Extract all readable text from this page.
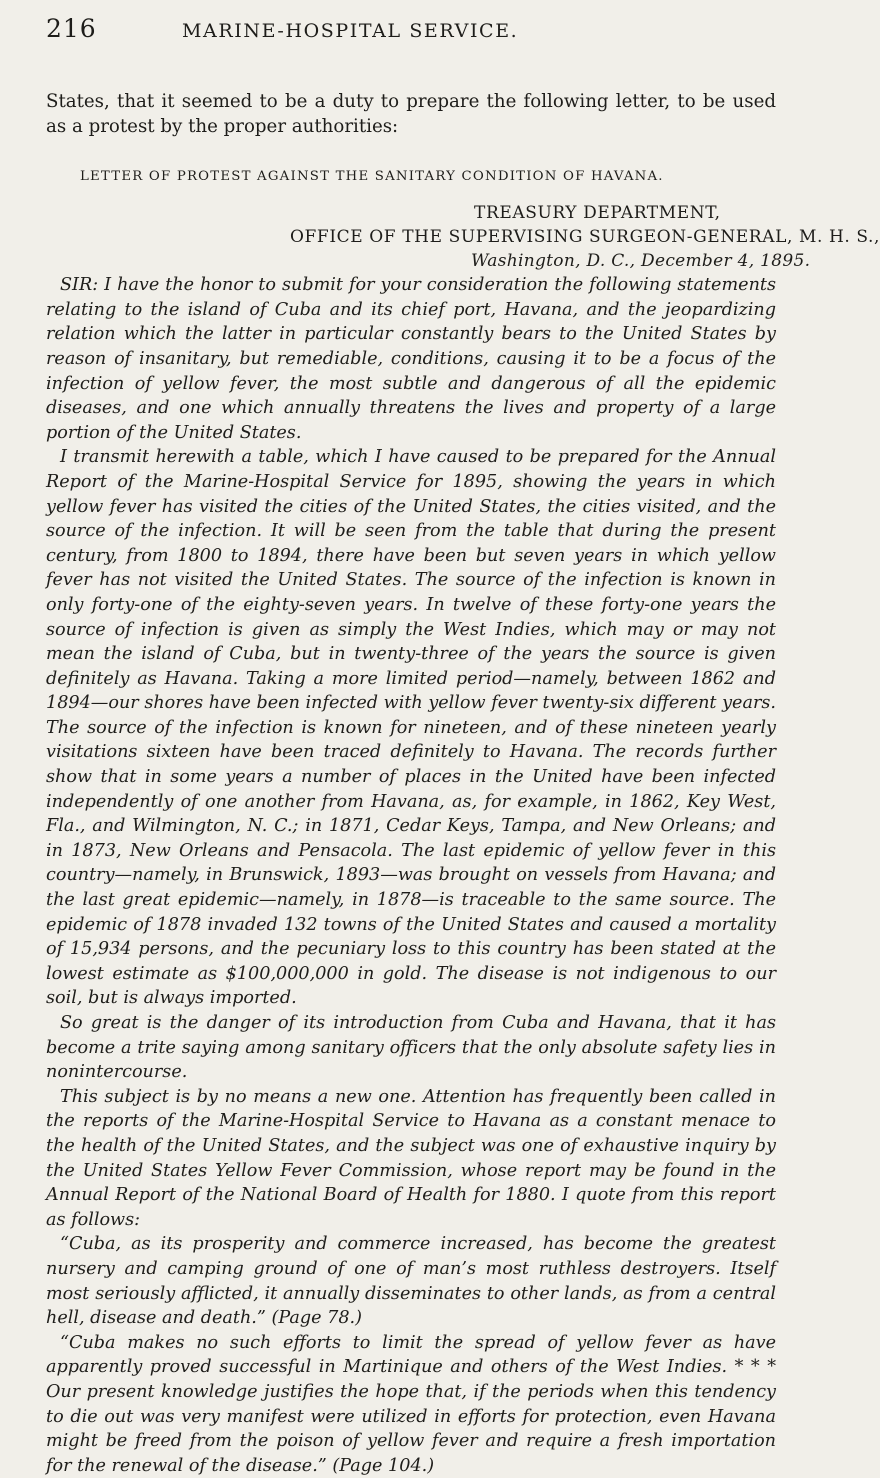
216	MARINE-HOSPITAL SERVICE.

States, that it seemed to be a duty to prepare the following letter, to be used as a protest by the proper authorities:

LETTER OF PROTEST AGAINST THE SANITARY CONDITION OF HAVANA.
TREASURY DEPARTMENT,
OFFICE OF THE SUPERVISING SURGEON-GENERAL, M. H. S.,
Washington, D. C., December 4, 1895.

SIR: I have the honor to submit for your consideration the following statements relating to the island of Cuba and its chief port, Havana, and the jeopardizing relation which the latter in particular constantly bears to the United States by reason of insanitary, but remediable, conditions, causing it to be a focus of the infection of yellow fever, the most subtle and dangerous of all the epidemic diseases, and one which annually threatens the lives and property of a large portion of the United States.

I transmit herewith a table, which I have caused to be prepared for the Annual Report of the Marine-Hospital Service for 1895, showing the years in which yellow fever has visited the cities of the United States, the cities visited, and the source of the infection. It will be seen from the table that during the present century, from 1800 to 1894, there have been but seven years in which yellow fever has not visited the United States. The source of the infection is known in only forty-one of the eighty-seven years. In twelve of these forty-one years the source of infection is given as simply the West Indies, which may or may not mean the island of Cuba, but in twenty-three of the years the source is given definitely as Havana. Taking a more limited period—namely, between 1862 and 1894—our shores have been infected with yellow fever twenty-six different years. The source of the infection is known for nineteen, and of these nineteen yearly visitations sixteen have been traced definitely to Havana. The records further show that in some years a number of places in the United have been infected independently of one another from Havana, as, for example, in 1862, Key West, Fla., and Wilmington, N. C.; in 1871, Cedar Keys, Tampa, and New Orleans; and in 1873, New Orleans and Pensacola. The last epidemic of yellow fever in this country—namely, in Brunswick, 1893—was brought on vessels from Havana; and the last great epidemic—namely, in 1878—is traceable to the same source. The epidemic of 1878 invaded 132 towns of the United States and caused a mortality of 15,934 persons, and the pecuniary loss to this country has been stated at the lowest estimate as $100,000,000 in gold. The disease is not indigenous to our soil, but is always imported.

So great is the danger of its introduction from Cuba and Havana, that it has become a trite saying among sanitary officers that the only absolute safety lies in nonintercourse.

This subject is by no means a new one. Attention has frequently been called in the reports of the Marine-Hospital Service to Havana as a constant menace to the health of the United States, and the subject was one of exhaustive inquiry by the United States Yellow Fever Commission, whose report may be found in the Annual Report of the National Board of Health for 1880. I quote from this report as follows:

“Cuba, as its prosperity and commerce increased, has become the greatest nursery and camping ground of one of man’s most ruthless destroyers. Itself most seriously afflicted, it annually disseminates to other lands, as from a central hell, disease and death.” (Page 78.)

“Cuba makes no such efforts to limit the spread of yellow fever as have apparently proved successful in Martinique and others of the West Indies. * * * Our present knowledge justifies the hope that, if the periods when this tendency to die out was very manifest were utilized in efforts for protection, even Havana might be freed from the poison of yellow fever and require a fresh importation for the renewal of the disease.” (Page 104.)
